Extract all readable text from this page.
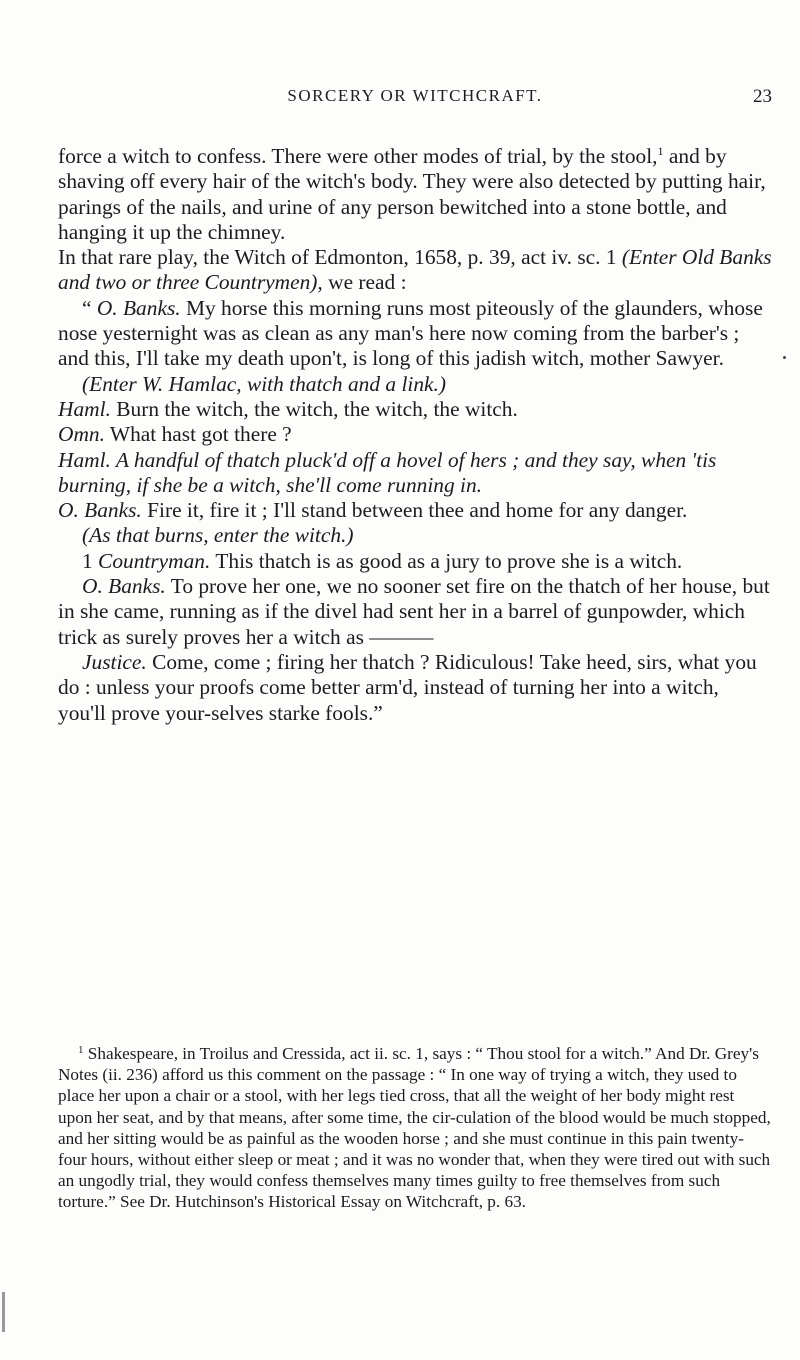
SORCERY OR WITCHCRAFT.	23

force a witch to confess. There were other modes of trial, by the stool,$^1$ and by shaving off every hair of the witch's body. They were also detected by putting hair, parings of the nails, and urine of any person bewitched into a stone bottle, and hanging it up the chimney.

In that rare play, the Witch of Edmonton, 1658, p. 39, act iv. sc. 1 (Enter Old Banks and two or three Countrymen), we read :

“ O. Banks. My horse this morning runs most piteously of the glaunders, whose nose yesternight was as clean as any man's here now coming from the barber's ; and this, I'll take my death upon't, is long of this jadish witch, mother Sawyer.

(Enter W. Hamlac, with thatch and a link.)

Haml. Burn the witch, the witch, the witch, the witch.

Omn. What hast got there ?

Haml. A handful of thatch pluck'd off a hovel of hers ; and they say, when 'tis burning, if she be a witch, she'll come running in.

O. Banks. Fire it, fire it ; I'll stand between thee and home for any danger.

(As that burns, enter the witch.)

1 Countryman. This thatch is as good as a jury to prove she is a witch.

O. Banks. To prove her one, we no sooner set fire on the thatch of her house, but in she came, running as if the divel had sent her in a barrel of gunpowder, which trick as surely proves her a witch as ———

Justice. Come, come ; firing her thatch ? Ridiculous! Take heed, sirs, what you do : unless your proofs come better arm'd, instead of turning her into a witch, you'll prove your-selves starke fools.”

$^1$ Shakespeare, in Troilus and Cressida, act ii. sc. 1, says : “ Thou stool for a witch.” And Dr. Grey's Notes (ii. 236) afford us this comment on the passage : “ In one way of trying a witch, they used to place her upon a chair or a stool, with her legs tied cross, that all the weight of her body might rest upon her seat, and by that means, after some time, the cir-culation of the blood would be much stopped, and her sitting would be as painful as the wooden horse ; and she must continue in this pain twenty-four hours, without either sleep or meat ; and it was no wonder that, when they were tired out with such an ungodly trial, they would confess themselves many times guilty to free themselves from such torture.” See Dr. Hutchinson's Historical Essay on Witchcraft, p. 63.
